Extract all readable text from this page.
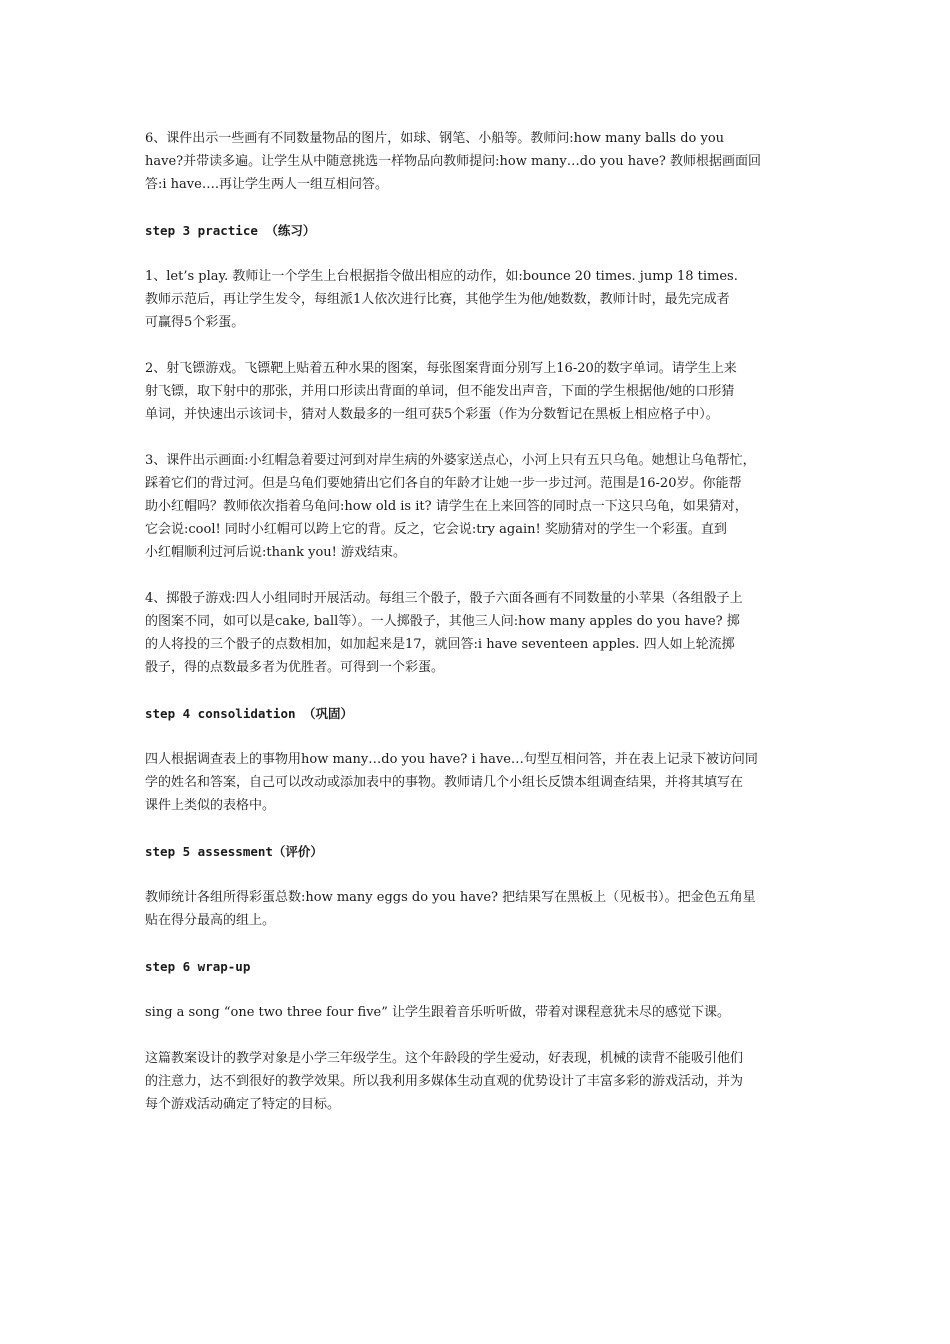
6、课件出示一些画有不同数量物品的图片，如球、钢笔、小船等。教师问:how many balls do you
have?并带读多遍。让学生从中随意挑选一样物品向教师提问:how many…do you have? 教师根据画面回
答:i have….再让学生两人一组互相问答。

step 3 practice （练习）

1、let’s play. 教师让一个学生上台根据指令做出相应的动作，如:bounce 20 times. jump 18 times.
教师示范后，再让学生发令，每组派1人依次进行比赛，其他学生为他/她数数，教师计时，最先完成者
可赢得5个彩蛋。

2、射飞镖游戏。飞镖靶上贴着五种水果的图案，每张图案背面分别写上16-20的数字单词。请学生上来
射飞镖，取下射中的那张，并用口形读出背面的单词，但不能发出声音，下面的学生根据他/她的口形猜
单词，并快速出示该词卡，猜对人数最多的一组可获5个彩蛋（作为分数暂记在黑板上相应格子中）。

3、课件出示画面:小红帽急着要过河到对岸生病的外婆家送点心，小河上只有五只乌龟。她想让乌龟帮忙，
踩着它们的背过河。但是乌龟们要她猜出它们各自的年龄才让她一步一步过河。范围是16-20岁。你能帮
助小红帽吗？教师依次指着乌龟问:how old is it? 请学生在上来回答的同时点一下这只乌龟，如果猜对，
它会说:cool! 同时小红帽可以跨上它的背。反之，它会说:try again! 奖励猜对的学生一个彩蛋。直到
小红帽顺利过河后说:thank you! 游戏结束。

4、掷骰子游戏:四人小组同时开展活动。每组三个骰子，骰子六面各画有不同数量的小苹果（各组骰子上
的图案不同，如可以是cake, ball等）。一人掷骰子，其他三人问:how many apples do you have? 掷
的人将投的三个骰子的点数相加，如加起来是17，就回答:i have seventeen apples. 四人如上轮流掷
骰子，得的点数最多者为优胜者。可得到一个彩蛋。

step 4 consolidation （巩固）

四人根据调查表上的事物用how many…do you have? i have…句型互相问答，并在表上记录下被访问同
学的姓名和答案，自己可以改动或添加表中的事物。教师请几个小组长反馈本组调查结果，并将其填写在
课件上类似的表格中。

step 5 assessment（评价）

教师统计各组所得彩蛋总数:how many eggs do you have? 把结果写在黑板上（见板书）。把金色五角星
贴在得分最高的组上。

step 6 wrap-up

sing a song “one two three four five” 让学生跟着音乐听听做，带着对课程意犹未尽的感觉下课。

这篇教案设计的教学对象是小学三年级学生。这个年龄段的学生爱动，好表现，机械的读背不能吸引他们
的注意力，达不到很好的教学效果。所以我利用多媒体生动直观的优势设计了丰富多彩的游戏活动，并为
每个游戏活动确定了特定的目标。
